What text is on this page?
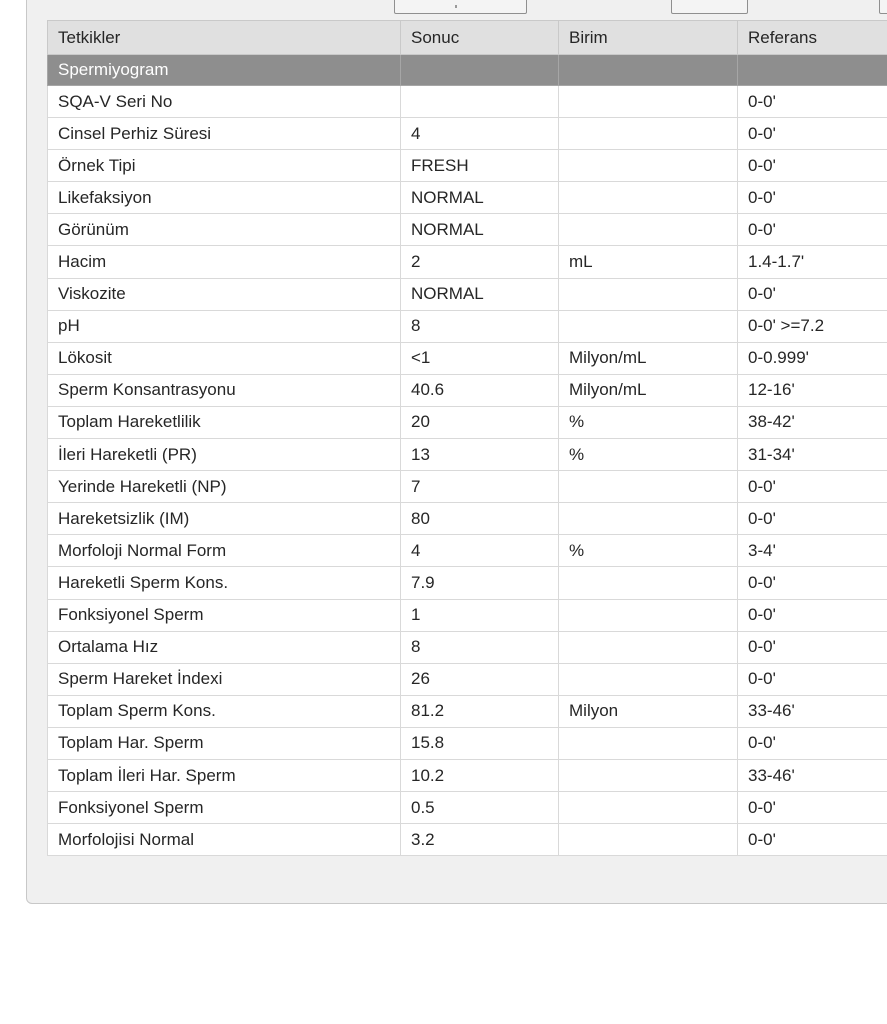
Tetkikler	Sonuc	Birim	Referans
Spermiyogram			
SQA-V Seri No			0-0'
Cinsel Perhiz Süresi	4		0-0'
Örnek Tipi	FRESH		0-0'
Likefaksiyon	NORMAL		0-0'
Görünüm	NORMAL		0-0'
Hacim	2	mL	1.4-1.7'
Viskozite	NORMAL		0-0'
pH	8		0-0' >=7.2
Lökosit	<1	Milyon/mL	0-0.999'
Sperm Konsantrasyonu	40.6	Milyon/mL	12-16'
Toplam Hareketlilik	20	%	38-42'
İleri Hareketli (PR)	13	%	31-34'
Yerinde Hareketli (NP)	7		0-0'
Hareketsizlik (IM)	80		0-0'
Morfoloji Normal Form	4	%	3-4'
Hareketli Sperm Kons.	7.9		0-0'
Fonksiyonel Sperm	1		0-0'
Ortalama Hız	8		0-0'
Sperm Hareket İndexi	26		0-0'
Toplam Sperm Kons.	81.2	Milyon	33-46'
Toplam Har. Sperm	15.8		0-0'
Toplam İleri Har. Sperm	10.2		33-46'
Fonksiyonel Sperm	0.5		0-0'
Morfolojisi Normal	3.2		0-0'
